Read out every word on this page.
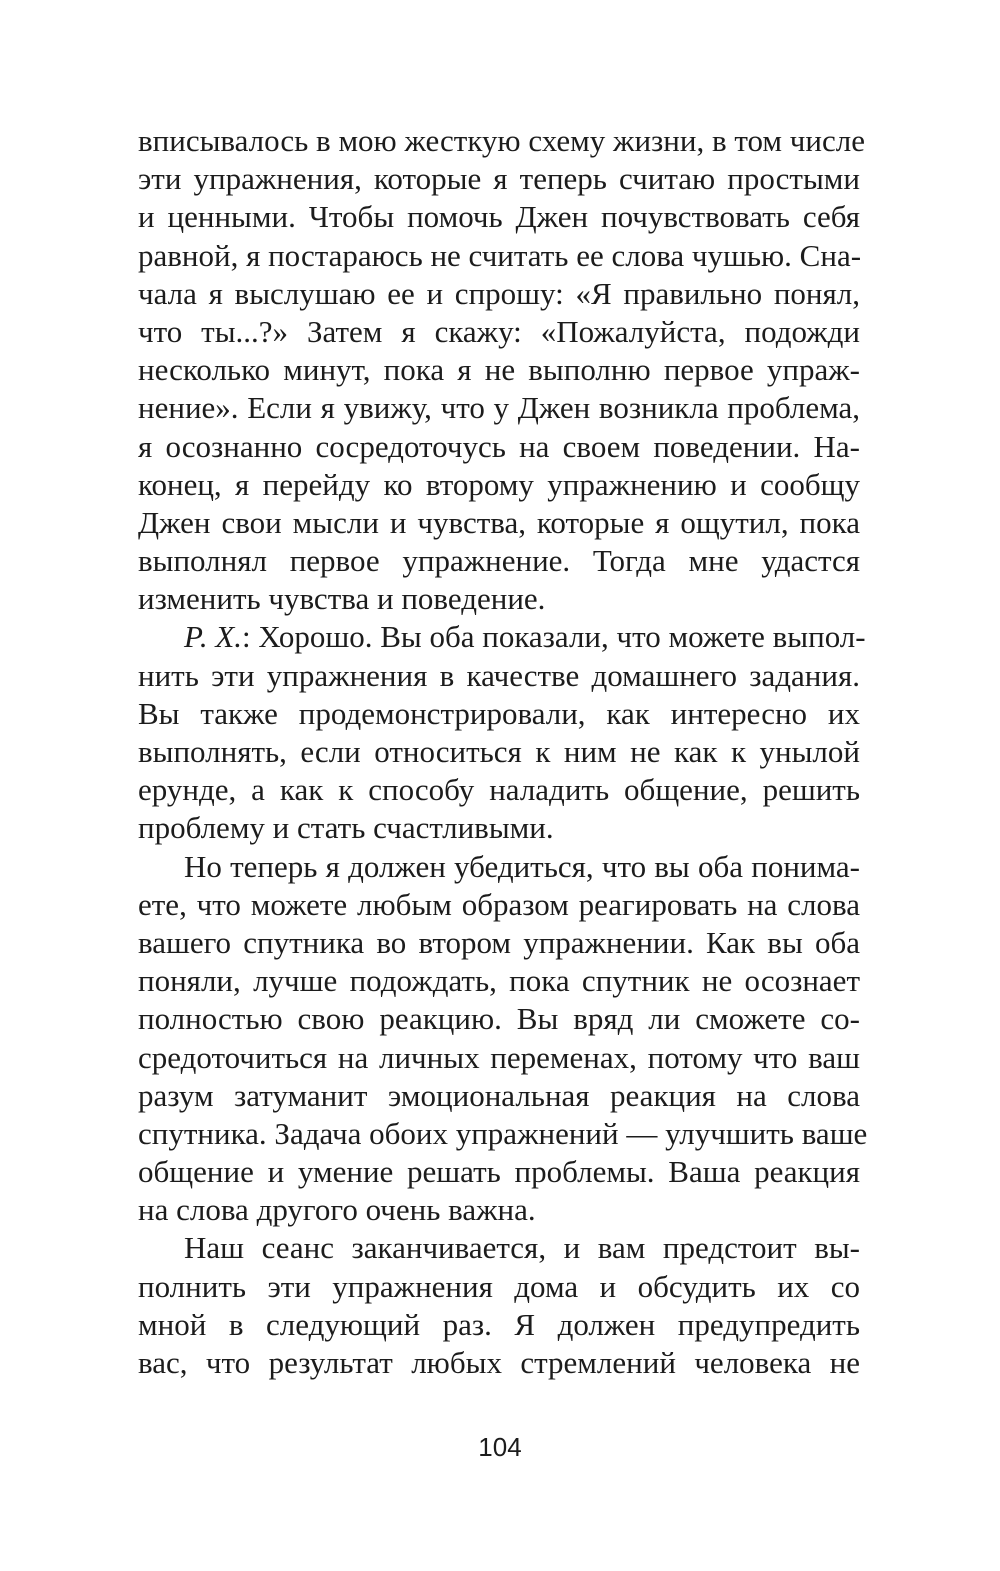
вписывалось в мою жесткую схему жизни, в том числе
эти упражнения, которые я теперь считаю простыми
и ценными. Чтобы помочь Джен почувствовать себя
равной, я постараюсь не считать ее слова чушью. Сна-
чала я выслушаю ее и спрошу: «Я правильно понял,
что ты...?» Затем я скажу: «Пожалуйста, подожди
несколько минут, пока я не выполню первое упраж-
нение». Если я увижу, что у Джен возникла проблема,
я осознанно сосредоточусь на своем поведении. На-
конец, я перейду ко второму упражнению и сообщу
Джен свои мысли и чувства, которые я ощутил, пока
выполнял первое упражнение. Тогда мне удастся
изменить чувства и поведение.
Р. Х.: Хорошо. Вы оба показали, что можете выпол-
нить эти упражнения в качестве домашнего задания.
Вы также продемонстрировали, как интересно их
выполнять, если относиться к ним не как к унылой
ерунде, а как к способу наладить общение, решить
проблему и стать счастливыми.
Но теперь я должен убедиться, что вы оба понима-
ете, что можете любым образом реагировать на слова
вашего спутника во втором упражнении. Как вы оба
поняли, лучше подождать, пока спутник не осознает
полностью свою реакцию. Вы вряд ли сможете со-
средоточиться на личных переменах, потому что ваш
разум затуманит эмоциональная реакция на слова
спутника. Задача обоих упражнений — улучшить ваше
общение и умение решать проблемы. Ваша реакция
на слова другого очень важна.
Наш сеанс заканчивается, и вам предстоит вы-
полнить эти упражнения дома и обсудить их со
мной в следующий раз. Я должен предупредить
вас, что результат любых стремлений человека не
104
